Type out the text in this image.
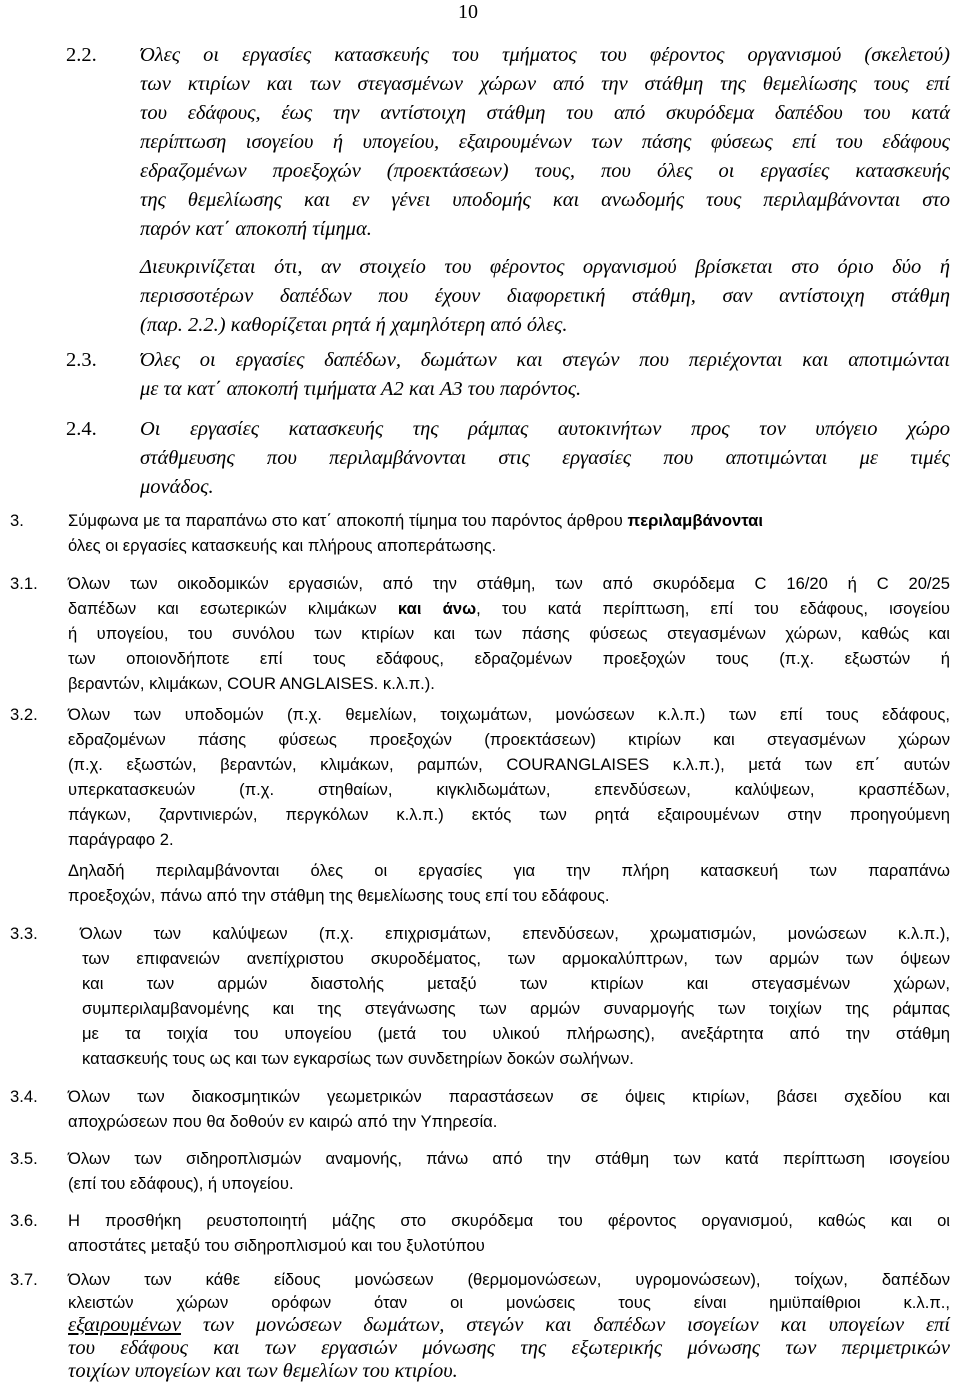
10
2.2. Όλες οι εργασίες κατασκευής του τμήματος του φέροντος οργανισμού (σκελετού)
των κτιρίων και των στεγασμένων χώρων από την στάθμη της θεμελίωσης τους επί
του εδάφους, έως την αντίστοιχη στάθμη του από σκυρόδεμα δαπέδου του κατά
περίπτωση ισογείου ή υπογείου, εξαιρουμένων των πάσης φύσεως επί του εδάφους
εδραζομένων προεξοχών (προεκτάσεων) τους, που όλες οι εργασίες κατασκευής
της θεμελίωσης και εν γένει υποδομής και ανωδομής τους περιλαμβάνονται στο
παρόν κατ΄ αποκοπή τίμημα.
Διευκρινίζεται ότι, αν στοιχείο του φέροντος οργανισμού βρίσκεται στο όριο δύο ή
περισσοτέρων δαπέδων που έχουν διαφορετική στάθμη, σαν αντίστοιχη στάθμη
(παρ. 2.2.) καθορίζεται ρητά ή χαμηλότερη από όλες.
2.3. Όλες οι εργασίες δαπέδων, δωμάτων και στεγών που περιέχονται και αποτιμώνται
με τα κατ΄ αποκοπή τιμήματα Α2 και Α3 του παρόντος.
2.4. Οι εργασίες κατασκευής της ράμπας αυτοκινήτων προς τον υπόγειο χώρο
στάθμευσης που περιλαμβάνονται στις εργασίες που αποτιμώνται με τιμές
μονάδος.
3.	Σύμφωνα με τα παραπάνω στο κατ΄ αποκοπή τίμημα του παρόντος άρθρου περιλαμβάνονται
όλες οι εργασίες κατασκευής και πλήρους αποπεράτωσης.
3.1. Όλων των οικοδομικών εργασιών, από την στάθμη, των από σκυρόδεμα C 16/20 ή C 20/25
δαπέδων και εσωτερικών κλιμάκων και άνω, του κατά περίπτωση, επί του εδάφους, ισογείου
ή υπογείου, του συνόλου των κτιρίων και των πάσης φύσεως στεγασμένων χώρων, καθώς και
των οποιονδήποτε επί τους εδάφους, εδραζομένων προεξοχών τους (π.χ. εξωστών ή
βεραντών, κλιμάκων, COUR ANGLAISES. κ.λ.π.).
3.2. Όλων των υποδομών (π.χ. θεμελίων, τοιχωμάτων, μονώσεων κ.λ.π.) των επί τους εδάφους,
εδραζομένων πάσης φύσεως προεξοχών (προεκτάσεων) κτιρίων και στεγασμένων χώρων
(π.χ. εξωστών, βεραντών, κλιμάκων, ραμπών, COURANGLAISES κ.λ.π.), μετά των επ΄ αυτών
υπερκατασκευών (π.χ. στηθαίων, κιγκλιδωμάτων, επενδύσεων, καλύψεων, κρασπέδων,
πάγκων, ζαρντινιερών, περγκόλων κ.λ.π.) εκτός των ρητά εξαιρουμένων στην προηγούμενη
παράγραφο 2.
Δηλαδή περιλαμβάνονται όλες οι εργασίες για την πλήρη κατασκευή των παραπάνω
προεξοχών, πάνω από την στάθμη της θεμελίωσης τους επί του εδάφους.
3.3.	Όλων των καλύψεων (π.χ. επιχρισμάτων, επενδύσεων, χρωματισμών, μονώσεων κ.λ.π.),
των επιφανειών ανεπίχριστου σκυροδέματος, των αρμοκαλύπτρων, των αρμών των όψεων
και των αρμών διαστολής μεταξύ των κτιρίων και στεγασμένων χώρων,
συμπεριλαμβανομένης και της στεγάνωσης των αρμών συναρμογής των τοιχίων της ράμπας
με τα τοιχία του υπογείου (μετά του υλικού πλήρωσης), ανεξάρτητα από την στάθμη
κατασκευής τους ως και των εγκαρσίως των συνδετηρίων δοκών σωλήνων.
3.4. Όλων των διακοσμητικών γεωμετρικών παραστάσεων σε όψεις κτιρίων, βάσει σχεδίου και
αποχρώσεων που θα δοθούν εν καιρώ από την Υπηρεσία.
3.5. Όλων των σιδηροπλισμών αναμονής, πάνω από την στάθμη των κατά περίπτωση ισογείου
(επί του εδάφους), ή υπογείου.
3.6. Η προσθήκη ρευστοποιητή μάζης στο σκυρόδεμα του φέροντος οργανισμού, καθώς και οι
αποστάτες μεταξύ του σιδηροπλισμού και του ξυλοτύπου
3.7. Όλων των κάθε είδους μονώσεων (θερμομονώσεων, υγρομονώσεων), τοίχων, δαπέδων
κλειστών χώρων ορόφων όταν οι μονώσεις τους είναι ημιϋπαίθριοι κ.λ.π.,
εξαιρουμένων των μονώσεων δωμάτων, στεγών και δαπέδων ισογείων και υπογείων επί
του εδάφους και των εργασιών μόνωσης της εξωτερικής μόνωσης των περιμετρικών
τοιχίων υπογείων και των θεμελίων του κτιρίου.
